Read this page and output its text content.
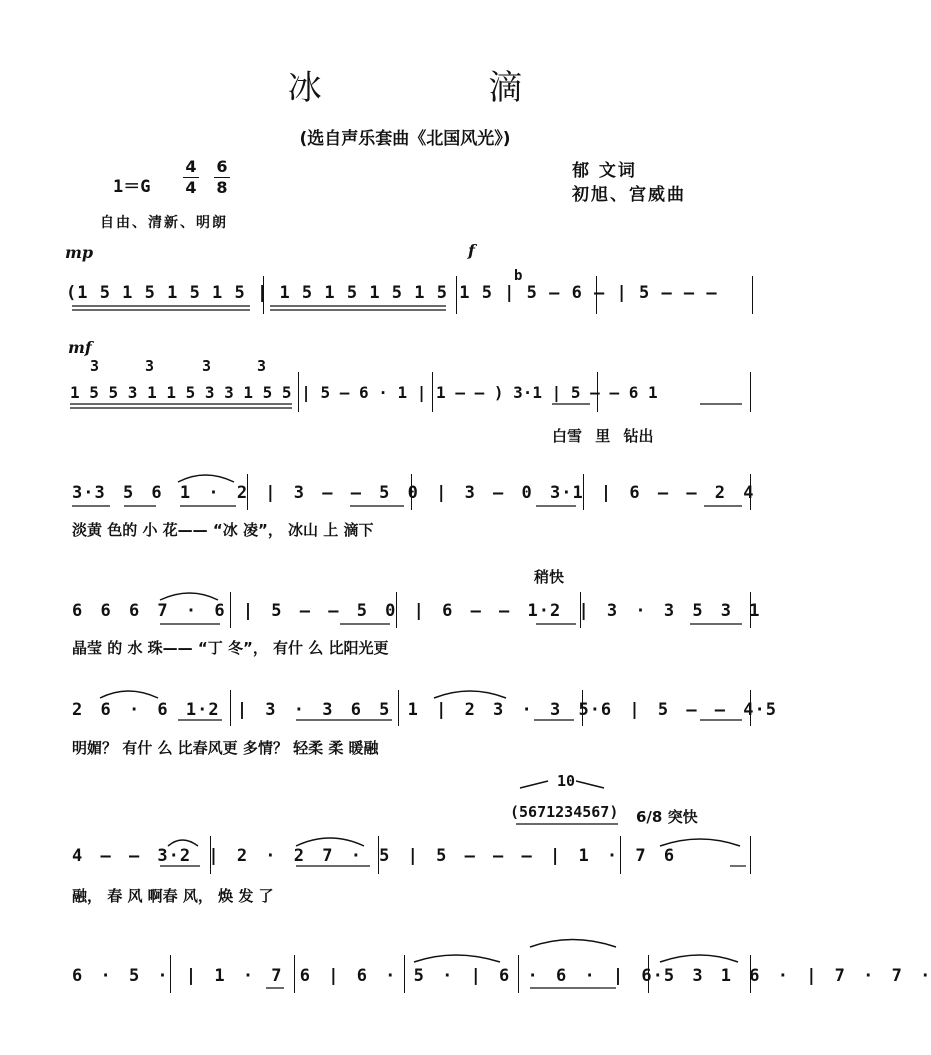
冰 滴
(选自声乐套曲《北国风光》)
1＝G
4
4
6
8
郁 文词
初旭、宫威曲
自由、清新、明朗
mp	f
(1 5 1 5 1 5 1 5 | 1 5 1 5 1 5 1 5 1 5 | 5 — 6 — | 5 — — —
b
mf
3	3	3	3
1 5 5 3 1 1 5 3 3 1 5 5 | 5 — 6 · 1 | 1 — — ) 3·1 | 5 — — 6 1
白雪 里 钻出
3·3 5 6 1 · 2 | 3 — — 5 0 | 3 — 0 3·1 | 6 — — 2 4
淡黄 色的 小 花—— “冰 凌”， 冰山 上 滴下
稍快
6 6 6 7 · 6 | 5 — — 5 0 | 6 — — 1·2 | 3 · 3 5 3 1
晶莹 的 水 珠—— “丁 冬”， 有什 么 比阳光更
2 6 · 6 1·2 | 3 · 3 6 5 1 | 2 3 · 3 5·6 | 5 — — 4·5
明媚？ 有什 么 比春风更 多情？ 轻柔 柔 暖融
10
(5671234567) 6/8 突快
4 — — 3·2 | 2 · 2 7 · 5 | 5 — — — | 1 · 7 6
融， 春 风 啊春 风， 焕 发 了
6 · 5 · | 1 · 7 6 | 6 · 5 · | 6 · 6 · | 6·5 3 1 6 · | 7 · 7 ·
